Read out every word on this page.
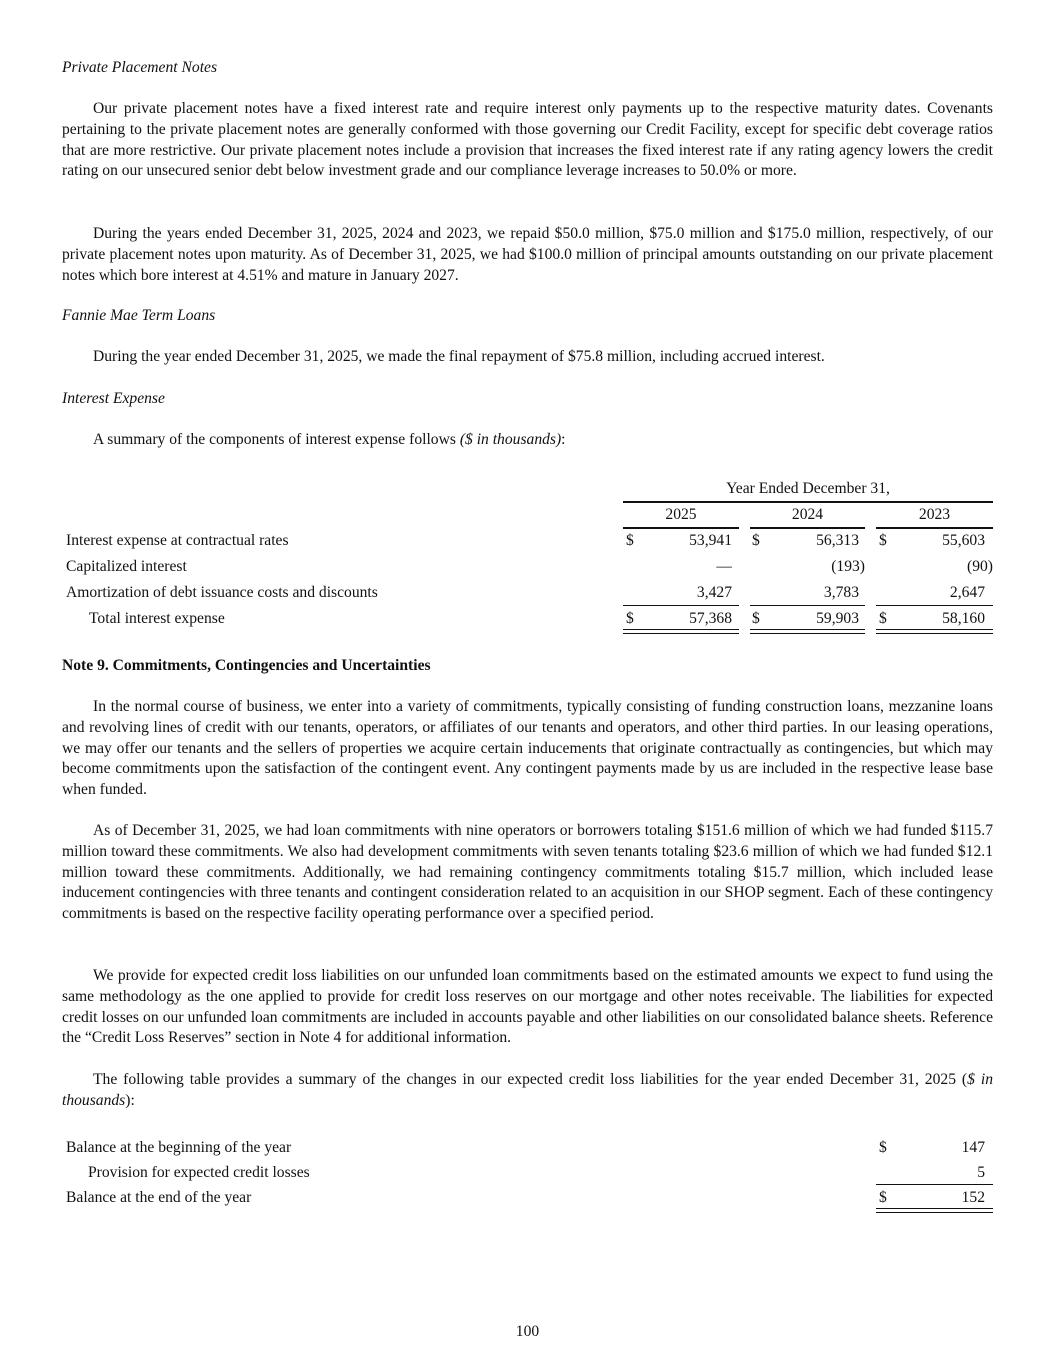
Private Placement Notes

Our private placement notes have a fixed interest rate and require interest only payments up to the respective maturity dates. Covenants pertaining to the private placement notes are generally conformed with those governing our Credit Facility, except for specific debt coverage ratios that are more restrictive. Our private placement notes include a provision that increases the fixed interest rate if any rating agency lowers the credit rating on our unsecured senior debt below investment grade and our compliance leverage increases to 50.0% or more.

During the years ended December 31, 2025, 2024 and 2023, we repaid $50.0 million, $75.0 million and $175.0 million, respectively, of our private placement notes upon maturity. As of December 31, 2025, we had $100.0 million of principal amounts outstanding on our private placement notes which bore interest at 4.51% and mature in January 2027.

Fannie Mae Term Loans

During the year ended December 31, 2025, we made the final repayment of $75.8 million, including accrued interest.

Interest Expense

A summary of the components of interest expense follows ($ in thousands):

Year Ended December 31,
2025	2024	2023
Interest expense at contractual rates	$	53,941 $	56,313 $	55,603
Capitalized interest	—	(193)	(90)
Amortization of debt issuance costs and discounts	3,427	3,783	2,647
Total interest expense	$	57,368 $	59,903 $	58,160
Note 9. Commitments, Contingencies and Uncertainties

In the normal course of business, we enter into a variety of commitments, typically consisting of funding construction loans, mezzanine loans and revolving lines of credit with our tenants, operators, or affiliates of our tenants and operators, and other third parties. In our leasing operations, we may offer our tenants and the sellers of properties we acquire certain inducements that originate contractually as contingencies, but which may become commitments upon the satisfaction of the contingent event. Any contingent payments made by us are included in the respective lease base when funded.

As of December 31, 2025, we had loan commitments with nine operators or borrowers totaling $151.6 million of which we had funded $115.7 million toward these commitments. We also had development commitments with seven tenants totaling $23.6 million of which we had funded $12.1 million toward these commitments. Additionally, we had remaining contingency commitments totaling $15.7 million, which included lease inducement contingencies with three tenants and contingent consideration related to an acquisition in our SHOP segment. Each of these contingency commitments is based on the respective facility operating performance over a specified period.

We provide for expected credit loss liabilities on our unfunded loan commitments based on the estimated amounts we expect to fund using the same methodology as the one applied to provide for credit loss reserves on our mortgage and other notes receivable. The liabilities for expected credit losses on our unfunded loan commitments are included in accounts payable and other liabilities on our consolidated balance sheets. Reference the “Credit Loss Reserves” section in Note 4 for additional information.

The following table provides a summary of the changes in our expected credit loss liabilities for the year ended December 31, 2025 ($ in thousands):

Balance at the beginning of the year	$	147
Provision for expected credit losses	5
Balance at the end of the year	$	152
100
